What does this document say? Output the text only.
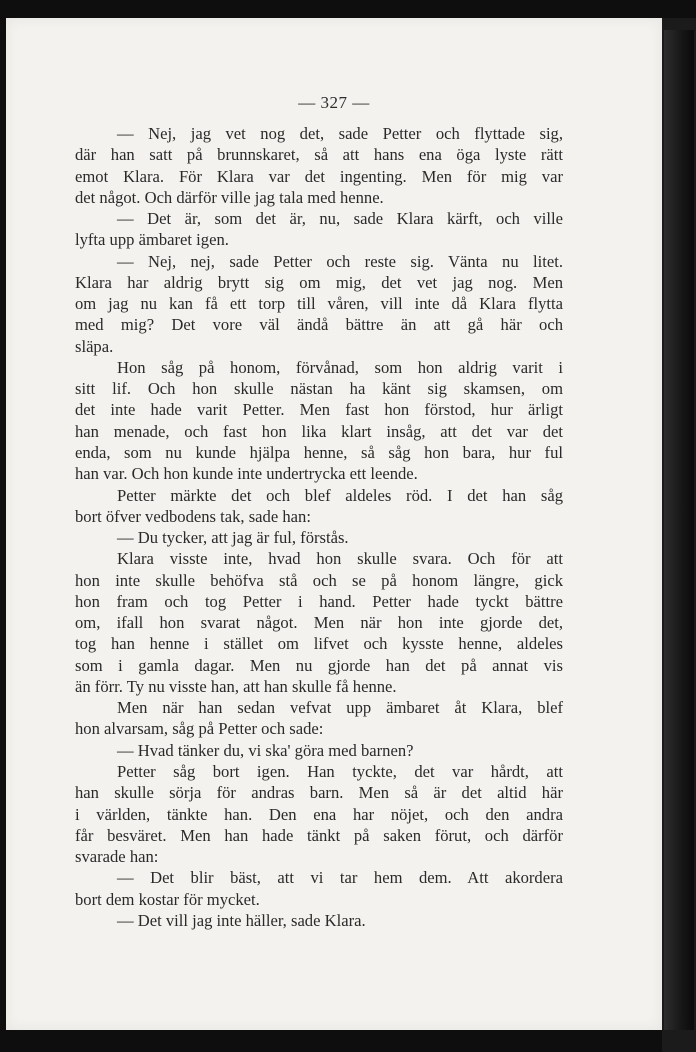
— 327 —
— Nej, jag vet nog det, sade Petter och flyttade sig,
där han satt på brunnskaret, så att hans ena öga lyste rätt
emot Klara. För Klara var det ingenting. Men för mig var
det något. Och därför ville jag tala med henne.
— Det är, som det är, nu, sade Klara kärft, och ville
lyfta upp ämbaret igen.
— Nej, nej, sade Petter och reste sig. Vänta nu litet.
Klara har aldrig brytt sig om mig, det vet jag nog. Men
om jag nu kan få ett torp till våren, vill inte då Klara flytta
med mig? Det vore väl ändå bättre än att gå här och
släpa.
Hon såg på honom, förvånad, som hon aldrig varit i
sitt lif. Och hon skulle nästan ha känt sig skamsen, om
det inte hade varit Petter. Men fast hon förstod, hur ärligt
han menade, och fast hon lika klart insåg, att det var det
enda, som nu kunde hjälpa henne, så såg hon bara, hur ful
han var. Och hon kunde inte undertrycka ett leende.
Petter märkte det och blef aldeles röd. I det han såg
bort öfver vedbodens tak, sade han:
— Du tycker, att jag är ful, förstås.
Klara visste inte, hvad hon skulle svara. Och för att
hon inte skulle behöfva stå och se på honom längre, gick
hon fram och tog Petter i hand. Petter hade tyckt bättre
om, ifall hon svarat något. Men när hon inte gjorde det,
tog han henne i stället om lifvet och kysste henne, aldeles
som i gamla dagar. Men nu gjorde han det på annat vis
än förr. Ty nu visste han, att han skulle få henne.
Men när han sedan vefvat upp ämbaret åt Klara, blef
hon alvarsam, såg på Petter och sade:
— Hvad tänker du, vi ska' göra med barnen?
Petter såg bort igen. Han tyckte, det var hårdt, att
han skulle sörja för andras barn. Men så är det altid här
i världen, tänkte han. Den ena har nöjet, och den andra
får besväret. Men han hade tänkt på saken förut, och därför
svarade han:
— Det blir bäst, att vi tar hem dem. Att akordera
bort dem kostar för mycket.
— Det vill jag inte häller, sade Klara.
